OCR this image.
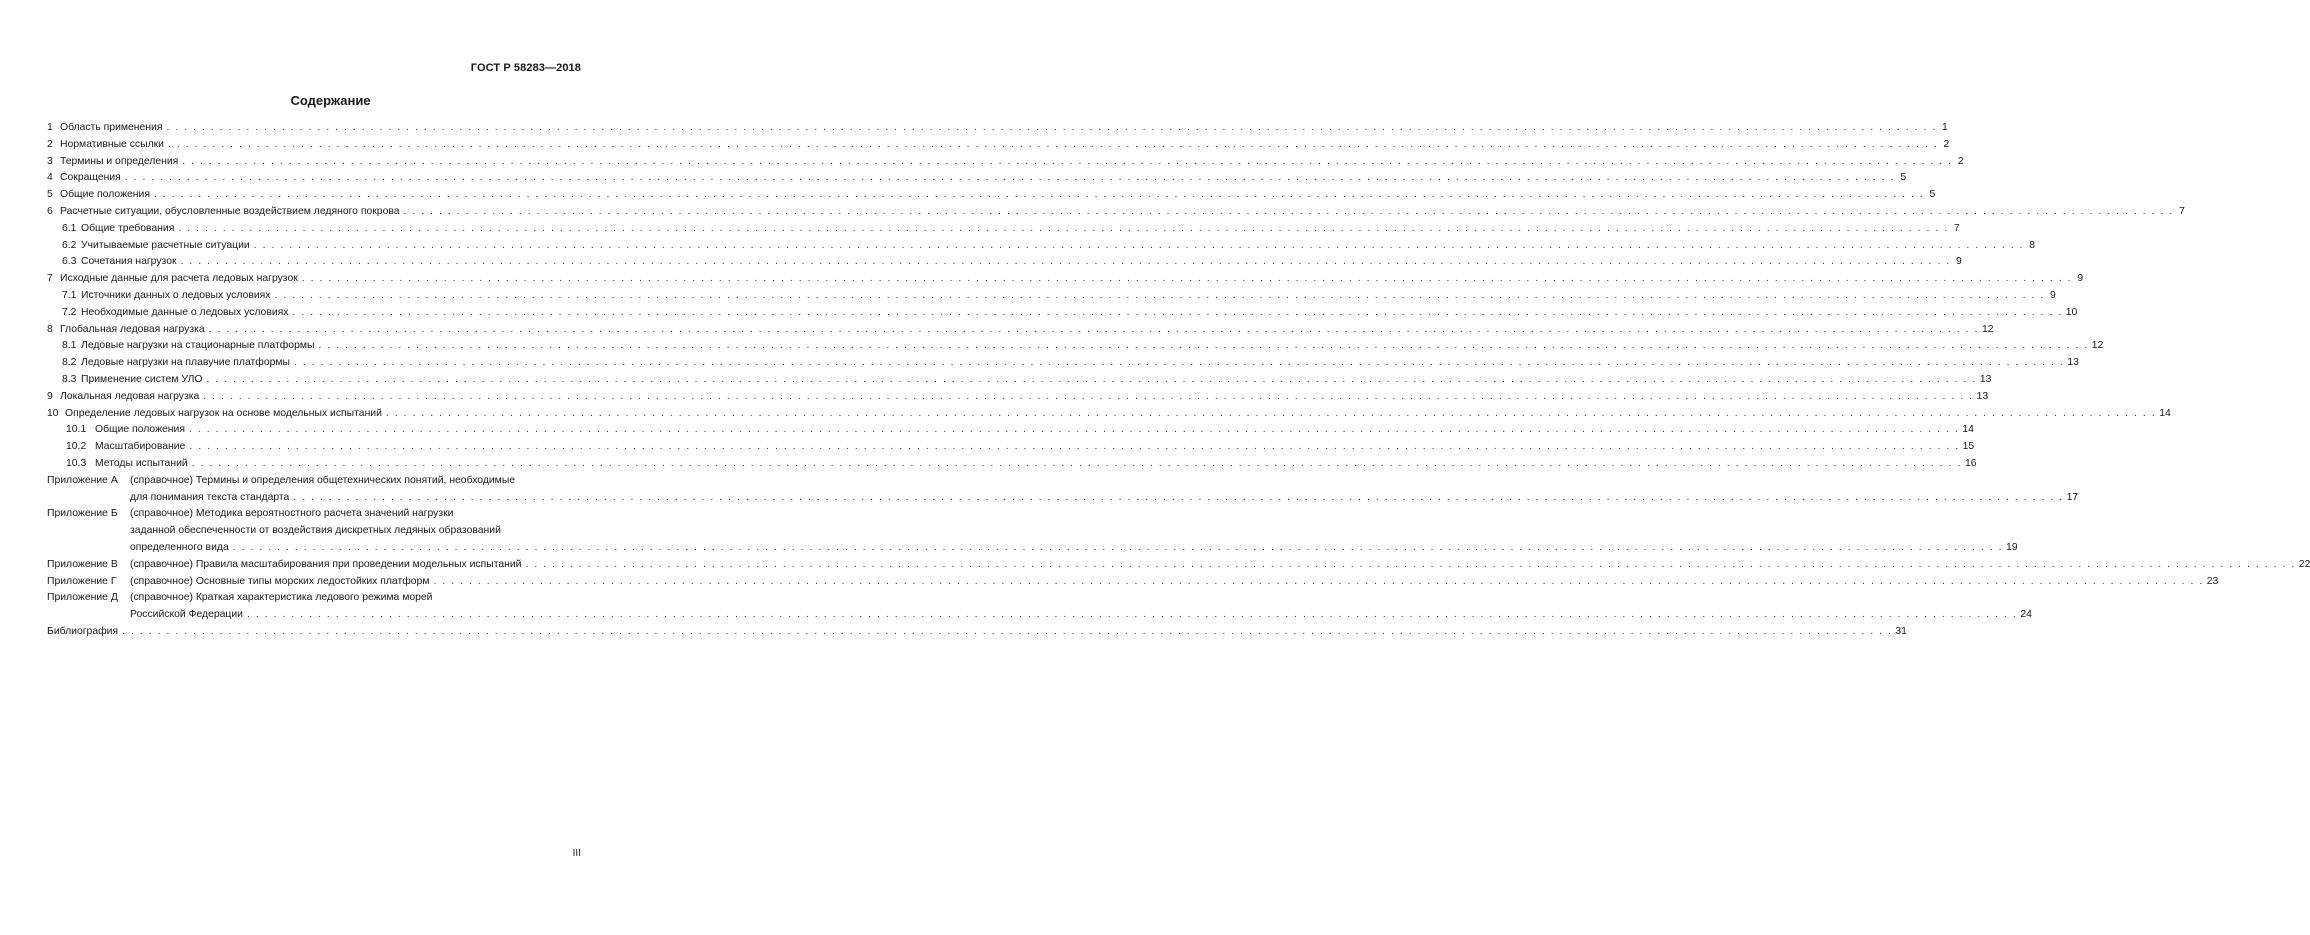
ГОСТ Р 58283—2018
Содержание
1 Область применения . . . . . . . . . . . . . . . . . . . . . . . . . . . . . . . . . . . . . . . . . . . . . . . . . . . . . . . . . . . . . . . . . . . . . . . . . . . . . . . . . . . . . . . . . . . . . . . . . . . . . . . . . . . . . . . . . . . . . . . . . . . . . . . . . . . . . . . . . . . . . . . . . . . . . . . . . . . . . . . . . . . . . . . . . . . . . . . . . . . . . . . . . . . . . . . . . . . . . . . . 1
2 Нормативные ссылки . . . . . . . . . . . . . . . . . . . . . . . . . . . . . . . . . . . . . . . . . . . . . . . . . . . . . . . . . . . . . . . . . . . . . . . . . . . . . . . . . . . . . . . . . . . . . . . . . . . . . . . . . . . . . . . . . . . . . . . . . . . . . . . . . . . . . . . . . . . . . . . . . . . . . . . . . . . . . . . . . . . . . . . . . . . . . . . . . . . . . . . . . . . . . . . . . . . . . . . . 2
3 Термины и определения . . . . . . . . . . . . . . . . . . . . . . . . . . . . . . . . . . . . . . . . . . . . . . . . . . . . . . . . . . . . . . . . . . . . . . . . . . . . . . . . . . . . . . . . . . . . . . . . . . . . . . . . . . . . . . . . . . . . . . . . . . . . . . . . . . . . . . . . . . . . . . . . . . . . . . . . . . . . . . . . . . . . . . . . . . . . . . . . . . . . . . . . . . . . . . . . . . . . . . . . 2
4 Сокращения . . . . . . . . . . . . . . . . . . . . . . . . . . . . . . . . . . . . . . . . . . . . . . . . . . . . . . . . . . . . . . . . . . . . . . . . . . . . . . . . . . . . . . . . . . . . . . . . . . . . . . . . . . . . . . . . . . . . . . . . . . . . . . . . . . . . . . . . . . . . . . . . . . . . . . . . . . . . . . . . . . . . . . . . . . . . . . . . . . . . . . . . . . . . . . . . . . . . . . . . 5
5 Общие положения . . . . . . . . . . . . . . . . . . . . . . . . . . . . . . . . . . . . . . . . . . . . . . . . . . . . . . . . . . . . . . . . . . . . . . . . . . . . . . . . . . . . . . . . . . . . . . . . . . . . . . . . . . . . . . . . . . . . . . . . . . . . . . . . . . . . . . . . . . . . . . . . . . . . . . . . . . . . . . . . . . . . . . . . . . . . . . . . . . . . . . . . . . . . . . . . . . . . . . . . 5
6 Расчетные ситуации, обусловленные воздействием ледяного покрова . . . . . . . . . . . . . . . . . . . . . . . . . . . . . . . . . . . . . . . . . . . . . . . . . . . . . . . . . . . . . . . . . . . . . . . . . . . . . . . . . . . . . . . . . . . . . . . . . . . . . . . . . . . . . . . . . . . . . . . . . . . . . . . . . . . . . . . . . . . . . . . . . . . . . . . . . . . . . . . . . . . . . . . . . . . . . . . . . . . . . . . . . . . . . . . . . . . . . . . . 7
6.1 Общие требования . . . . . . . . . . . . . . . . . . . . . . . . . . . . . . . . . . . . . . . . . . . . . . . . . . . . . . . . . . . . . . . . . . . . . . . . . . . . . . . . . . . . . . . . . . . . . . . . . . . . . . . . . . . . . . . . . . . . . . . . . . . . . . . . . . . . . . . . . . . . . . . . . . . . . . . . . . . . . . . . . . . . . . . . . . . . . . . . . . . . . . . . . . . . . . . . . . . . . . . . 7
6.2 Учитываемые расчетные ситуации . . . . . . . . . . . . . . . . . . . . . . . . . . . . . . . . . . . . . . . . . . . . . . . . . . . . . . . . . . . . . . . . . . . . . . . . . . . . . . . . . . . . . . . . . . . . . . . . . . . . . . . . . . . . . . . . . . . . . . . . . . . . . . . . . . . . . . . . . . . . . . . . . . . . . . . . . . . . . . . . . . . . . . . . . . . . . . . . . . . . . . . . . . . . . . . . . . . . . . . . 8
6.3 Сочетания нагрузок . . . . . . . . . . . . . . . . . . . . . . . . . . . . . . . . . . . . . . . . . . . . . . . . . . . . . . . . . . . . . . . . . . . . . . . . . . . . . . . . . . . . . . . . . . . . . . . . . . . . . . . . . . . . . . . . . . . . . . . . . . . . . . . . . . . . . . . . . . . . . . . . . . . . . . . . . . . . . . . . . . . . . . . . . . . . . . . . . . . . . . . . . . . . . . . . . . . . . . . . 9
7 Исходные данные для расчета ледовых нагрузок . . . . . . . . . . . . . . . . . . . . . . . . . . . . . . . . . . . . . . . . . . . . . . . . . . . . . . . . . . . . . . . . . . . . . . . . . . . . . . . . . . . . . . . . . . . . . . . . . . . . . . . . . . . . . . . . . . . . . . . . . . . . . . . . . . . . . . . . . . . . . . . . . . . . . . . . . . . . . . . . . . . . . . . . . . . . . . . . . . . . . . . . . . . . . . . . . . . . . . . . 9
7.1 Источники данных о ледовых условиях . . . . . . . . . . . . . . . . . . . . . . . . . . . . . . . . . . . . . . . . . . . . . . . . . . . . . . . . . . . . . . . . . . . . . . . . . . . . . . . . . . . . . . . . . . . . . . . . . . . . . . . . . . . . . . . . . . . . . . . . . . . . . . . . . . . . . . . . . . . . . . . . . . . . . . . . . . . . . . . . . . . . . . . . . . . . . . . . . . . . . . . . . . . . . . . . . . . . . . . . 9
7.2 Необходимые данные о ледовых условиях . . . . . . . . . . . . . . . . . . . . . . . . . . . . . . . . . . . . . . . . . . . . . . . . . . . . . . . . . . . . . . . . . . . . . . . . . . . . . . . . . . . . . . . . . . . . . . . . . . . . . . . . . . . . . . . . . . . . . . . . . . . . . . . . . . . . . . . . . . . . . . . . . . . . . . . . . . . . . . . . . . . . . . . . . . . . . . . . . . . . . . . . . . . . . . . . . . . . . . . . 10
8 Глобальная ледовая нагрузка . . . . . . . . . . . . . . . . . . . . . . . . . . . . . . . . . . . . . . . . . . . . . . . . . . . . . . . . . . . . . . . . . . . . . . . . . . . . . . . . . . . . . . . . . . . . . . . . . . . . . . . . . . . . . . . . . . . . . . . . . . . . . . . . . . . . . . . . . . . . . . . . . . . . . . . . . . . . . . . . . . . . . . . . . . . . . . . . . . . . . . . . . . . . . . . . . . . . . . . . 12
8.1 Ледовые нагрузки на стационарные платформы . . . . . . . . . . . . . . . . . . . . . . . . . . . . . . . . . . . . . . . . . . . . . . . . . . . . . . . . . . . . . . . . . . . . . . . . . . . . . . . . . . . . . . . . . . . . . . . . . . . . . . . . . . . . . . . . . . . . . . . . . . . . . . . . . . . . . . . . . . . . . . . . . . . . . . . . . . . . . . . . . . . . . . . . . . . . . . . . . . . . . . . . . . . . . . . . . . . . . . . . 12
8.2 Ледовые нагрузки на плавучие платформы . . . . . . . . . . . . . . . . . . . . . . . . . . . . . . . . . . . . . . . . . . . . . . . . . . . . . . . . . . . . . . . . . . . . . . . . . . . . . . . . . . . . . . . . . . . . . . . . . . . . . . . . . . . . . . . . . . . . . . . . . . . . . . . . . . . . . . . . . . . . . . . . . . . . . . . . . . . . . . . . . . . . . . . . . . . . . . . . . . . . . . . . . . . . . . . . . . . . . . . . 13
8.3 Применение систем УЛО . . . . . . . . . . . . . . . . . . . . . . . . . . . . . . . . . . . . . . . . . . . . . . . . . . . . . . . . . . . . . . . . . . . . . . . . . . . . . . . . . . . . . . . . . . . . . . . . . . . . . . . . . . . . . . . . . . . . . . . . . . . . . . . . . . . . . . . . . . . . . . . . . . . . . . . . . . . . . . . . . . . . . . . . . . . . . . . . . . . . . . . . . . . . . . . . . . . . . . . . 13
9 Локальная ледовая нагрузка . . . . . . . . . . . . . . . . . . . . . . . . . . . . . . . . . . . . . . . . . . . . . . . . . . . . . . . . . . . . . . . . . . . . . . . . . . . . . . . . . . . . . . . . . . . . . . . . . . . . . . . . . . . . . . . . . . . . . . . . . . . . . . . . . . . . . . . . . . . . . . . . . . . . . . . . . . . . . . . . . . . . . . . . . . . . . . . . . . . . . . . . . . . . . . . . . . . . . . . . 13
10 Определение ледовых нагрузок на основе модельных испытаний . . . . . . . . . . . . . . . . . . . . . . . . . . . . . . . . . . . . . . . . . . . . . . . . . . . . . . . . . . . . . . . . . . . . . . . . . . . . . . . . . . . . . . . . . . . . . . . . . . . . . . . . . . . . . . . . . . . . . . . . . . . . . . . . . . . . . . . . . . . . . . . . . . . . . . . . . . . . . . . . . . . . . . . . . . . . . . . . . . . . . . . . . . . . . . . . . . . . . . . . 14
10.1 Общие положения . . . . . . . . . . . . . . . . . . . . . . . . . . . . . . . . . . . . . . . . . . . . . . . . . . . . . . . . . . . . . . . . . . . . . . . . . . . . . . . . . . . . . . . . . . . . . . . . . . . . . . . . . . . . . . . . . . . . . . . . . . . . . . . . . . . . . . . . . . . . . . . . . . . . . . . . . . . . . . . . . . . . . . . . . . . . . . . . . . . . . . . . . . . . . . . . . . . . . . . . 14
10.2 Масштабирование . . . . . . . . . . . . . . . . . . . . . . . . . . . . . . . . . . . . . . . . . . . . . . . . . . . . . . . . . . . . . . . . . . . . . . . . . . . . . . . . . . . . . . . . . . . . . . . . . . . . . . . . . . . . . . . . . . . . . . . . . . . . . . . . . . . . . . . . . . . . . . . . . . . . . . . . . . . . . . . . . . . . . . . . . . . . . . . . . . . . . . . . . . . . . . . . . . . . . . . . 15
10.3 Методы испытаний . . . . . . . . . . . . . . . . . . . . . . . . . . . . . . . . . . . . . . . . . . . . . . . . . . . . . . . . . . . . . . . . . . . . . . . . . . . . . . . . . . . . . . . . . . . . . . . . . . . . . . . . . . . . . . . . . . . . . . . . . . . . . . . . . . . . . . . . . . . . . . . . . . . . . . . . . . . . . . . . . . . . . . . . . . . . . . . . . . . . . . . . . . . . . . . . . . . . . . . . 16
Приложение А	(справочное) Термины и определения общетехнических понятий, необходимые
для понимания текста стандарта . . . . . . . . . . . . . . . . . . . . . . . . . . . . . . . . . . . . . . . . . . . . . . . . . . . . . . . . . . . . . . . . . . . . . . . . . . . . . . . . . . . . . . . . . . . . . . . . . . . . . . . . . . . . . . . . . . . . . . . . . . . . . . . . . . . . . . . . . . . . . . . . . . . . . . . . . . . . . . . . . . . . . . . . . . . . . . . . . . . . . . . . . . . . . . . . . . . . . . . . 17
Приложение Б	(справочное) Методика вероятностного расчета значений нагрузки
заданной обеспеченности от воздействия дискретных ледяных образований
определенного вида . . . . . . . . . . . . . . . . . . . . . . . . . . . . . . . . . . . . . . . . . . . . . . . . . . . . . . . . . . . . . . . . . . . . . . . . . . . . . . . . . . . . . . . . . . . . . . . . . . . . . . . . . . . . . . . . . . . . . . . . . . . . . . . . . . . . . . . . . . . . . . . . . . . . . . . . . . . . . . . . . . . . . . . . . . . . . . . . . . . . . . . . . . . . . . . . . . . . . . . . 19
Приложение В	(справочное) Правила масштабирования при проведении модельных испытаний . . . . . . . . . . . . . . . . . . . . . . . . . . . . . . . . . . . . . . . . . . . . . . . . . . . . . . . . . . . . . . . . . . . . . . . . . . . . . . . . . . . . . . . . . . . . . . . . . . . . . . . . . . . . . . . . . . . . . . . . . . . . . . . . . . . . . . . . . . . . . . . . . . . . . . . . . . . . . . . . . . . . . . . . . . . . . . . . . . . . . . . . . . . . . . . . . . . . . . . . 22
Приложение Г	(справочное) Основные типы морских ледостойких платформ . . . . . . . . . . . . . . . . . . . . . . . . . . . . . . . . . . . . . . . . . . . . . . . . . . . . . . . . . . . . . . . . . . . . . . . . . . . . . . . . . . . . . . . . . . . . . . . . . . . . . . . . . . . . . . . . . . . . . . . . . . . . . . . . . . . . . . . . . . . . . . . . . . . . . . . . . . . . . . . . . . . . . . . . . . . . . . . . . . . . . . . . . . . . . . . . . . . . . . . . 23
Приложение Д	(справочное) Краткая характеристика ледового режима морей
Российской Федерации . . . . . . . . . . . . . . . . . . . . . . . . . . . . . . . . . . . . . . . . . . . . . . . . . . . . . . . . . . . . . . . . . . . . . . . . . . . . . . . . . . . . . . . . . . . . . . . . . . . . . . . . . . . . . . . . . . . . . . . . . . . . . . . . . . . . . . . . . . . . . . . . . . . . . . . . . . . . . . . . . . . . . . . . . . . . . . . . . . . . . . . . . . . . . . . . . . . . . . . . 24
Библиография . . . . . . . . . . . . . . . . . . . . . . . . . . . . . . . . . . . . . . . . . . . . . . . . . . . . . . . . . . . . . . . . . . . . . . . . . . . . . . . . . . . . . . . . . . . . . . . . . . . . . . . . . . . . . . . . . . . . . . . . . . . . . . . . . . . . . . . . . . . . . . . . . . . . . . . . . . . . . . . . . . . . . . . . . . . . . . . . . . . . . . . . . . . . . . . . . . . . . . . . 31
III
